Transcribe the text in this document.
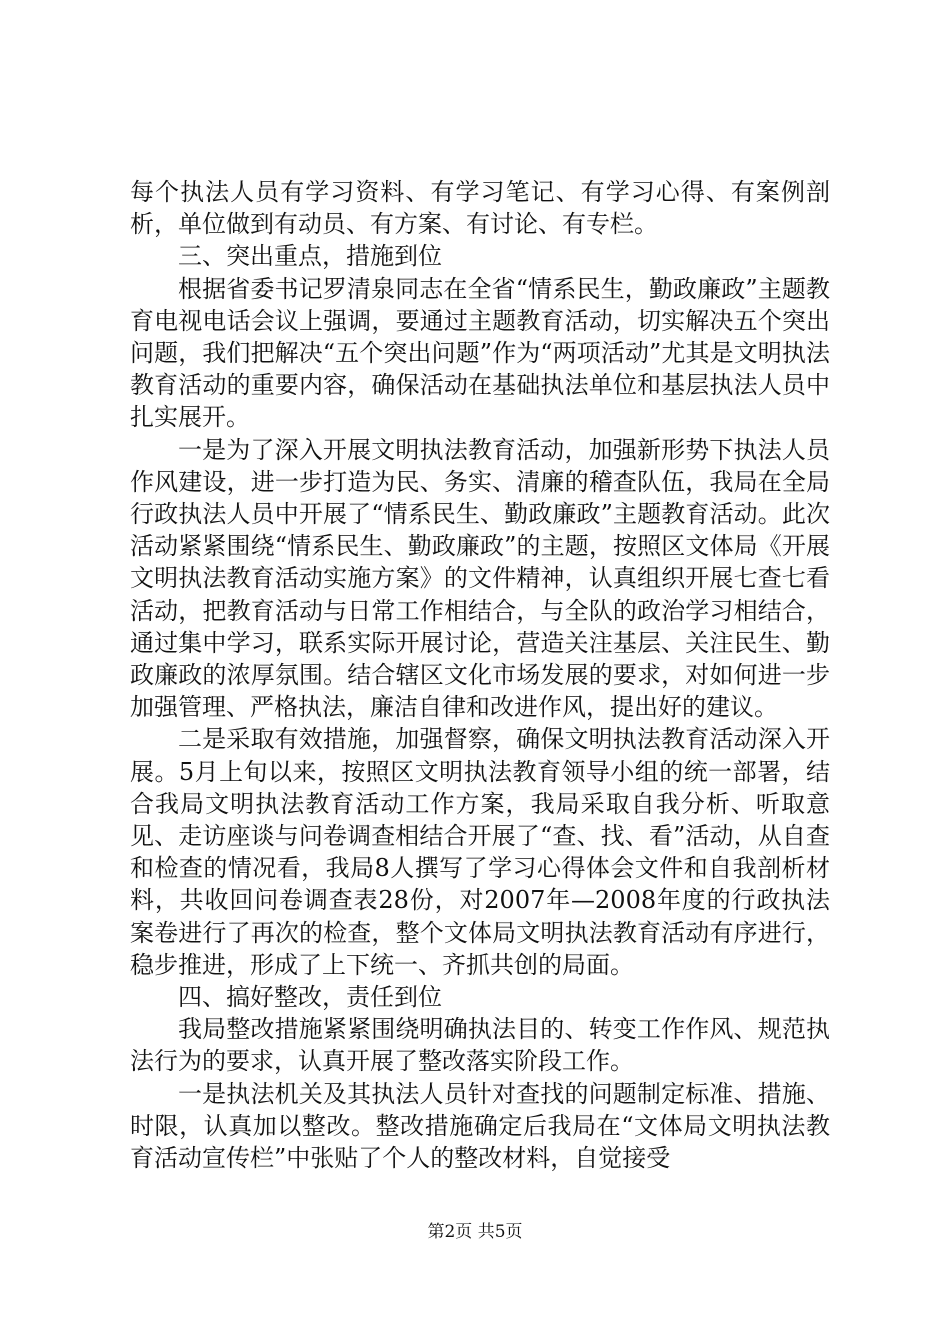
每个执法人员有学习资料、有学习笔记、有学习心得、有案例剖析，单位做到有动员、有方案、有讨论、有专栏。

三、突出重点，措施到位

根据省委书记罗清泉同志在全省“情系民生，勤政廉政”主题教育电视电话会议上强调，要通过主题教育活动，切实解决五个突出问题，我们把解决“五个突出问题”作为“两项活动”尤其是文明执法教育活动的重要内容，确保活动在基础执法单位和基层执法人员中扎实展开。

一是为了深入开展文明执法教育活动，加强新形势下执法人员作风建设，进一步打造为民、务实、清廉的稽查队伍，我局在全局行政执法人员中开展了“情系民生、勤政廉政”主题教育活动。此次活动紧紧围绕“情系民生、勤政廉政”的主题，按照区文体局《开展文明执法教育活动实施方案》的文件精神，认真组织开展七查七看活动，把教育活动与日常工作相结合，与全队的政治学习相结合，通过集中学习，联系实际开展讨论，营造关注基层、关注民生、勤政廉政的浓厚氛围。结合辖区文化市场发展的要求，对如何进一步加强管理、严格执法，廉洁自律和改进作风，提出好的建议。

二是采取有效措施，加强督察，确保文明执法教育活动深入开展。5月上旬以来，按照区文明执法教育领导小组的统一部署，结合我局文明执法教育活动工作方案，我局采取自我分析、听取意见、走访座谈与问卷调查相结合开展了“查、找、看”活动，从自查和检查的情况看，我局8人撰写了学习心得体会文件和自我剖析材料，共收回问卷调查表28份，对2007年—2008年度的行政执法案卷进行了再次的检查，整个文体局文明执法教育活动有序进行，稳步推进，形成了上下统一、齐抓共创的局面。

四、搞好整改，责任到位

我局整改措施紧紧围绕明确执法目的、转变工作作风、规范执法行为的要求，认真开展了整改落实阶段工作。

一是执法机关及其执法人员针对查找的问题制定标准、措施、时限，认真加以整改。整改措施确定后我局在“文体局文明执法教育活动宣传栏”中张贴了个人的整改材料，自觉接受

第2页 共5页
